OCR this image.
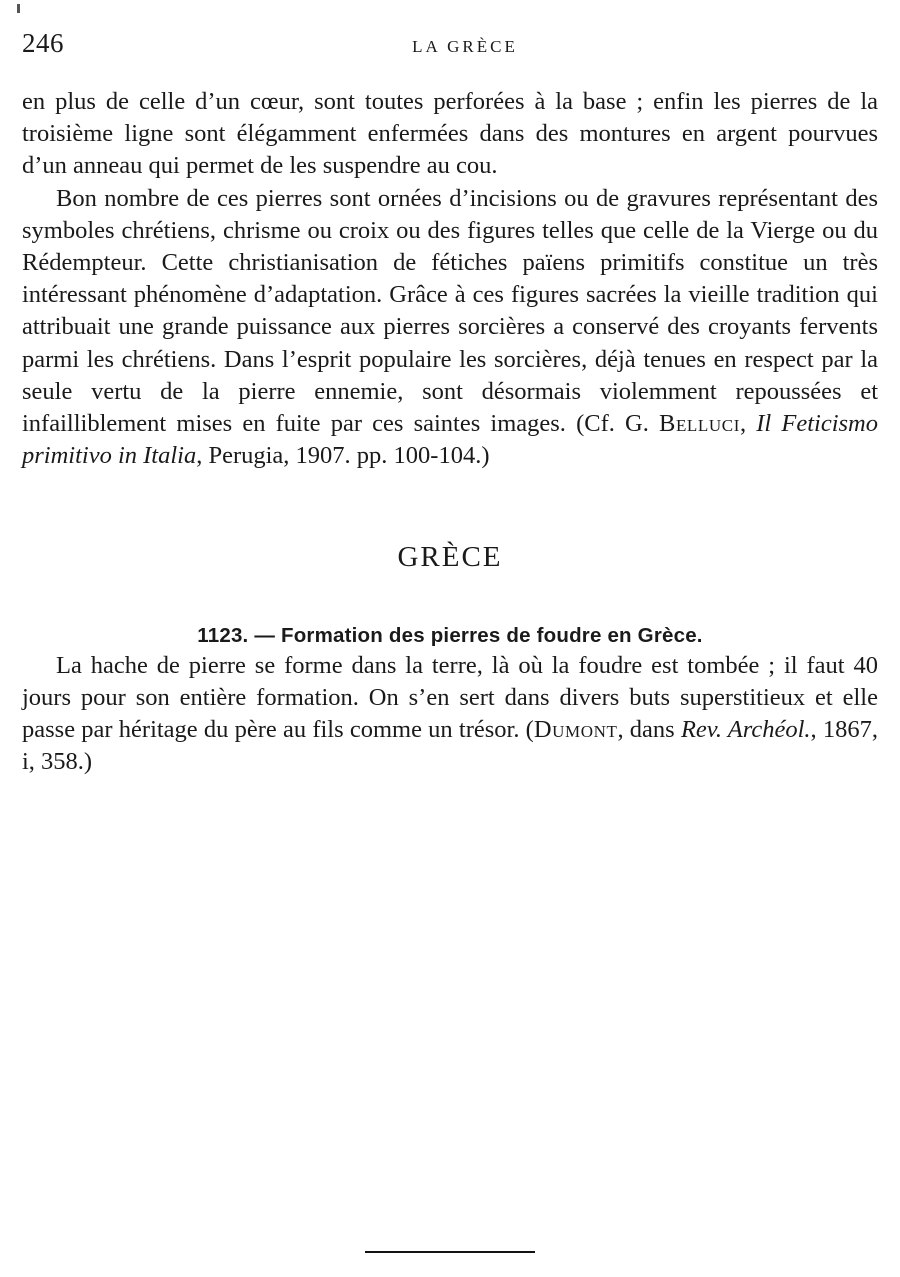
246	LA GRÈCE

en plus de celle d’un cœur, sont toutes perforées à la base ; enfin les pierres de la troisième ligne sont élégamment enfermées dans des montures en argent pourvues d’un anneau qui permet de les suspendre au cou.

Bon nombre de ces pierres sont ornées d’incisions ou de gravures représentant des symboles chrétiens, chrisme ou croix ou des figures telles que celle de la Vierge ou du Rédempteur. Cette christianisation de fétiches païens primitifs constitue un très intéressant phénomène d’adaptation. Grâce à ces figures sacrées la vieille tradition qui attribuait une grande puissance aux pierres sorcières a conservé des croyants fervents parmi les chrétiens. Dans l’esprit populaire les sorcières, déjà tenues en respect par la seule vertu de la pierre ennemie, sont désormais violemment repoussées et infailliblement mises en fuite par ces saintes images. (Cf. G. Belluci, Il Feticismo primitivo in Italia, Perugia, 1907. pp. 100-104.)

GRÈCE
1123. — Formation des pierres de foudre en Grèce.

La hache de pierre se forme dans la terre, là où la foudre est tombée ; il faut 40 jours pour son entière formation. On s’en sert dans divers buts superstitieux et elle passe par héritage du père au fils comme un trésor. (Dumont, dans Rev. Archéol., 1867, i, 358.)
